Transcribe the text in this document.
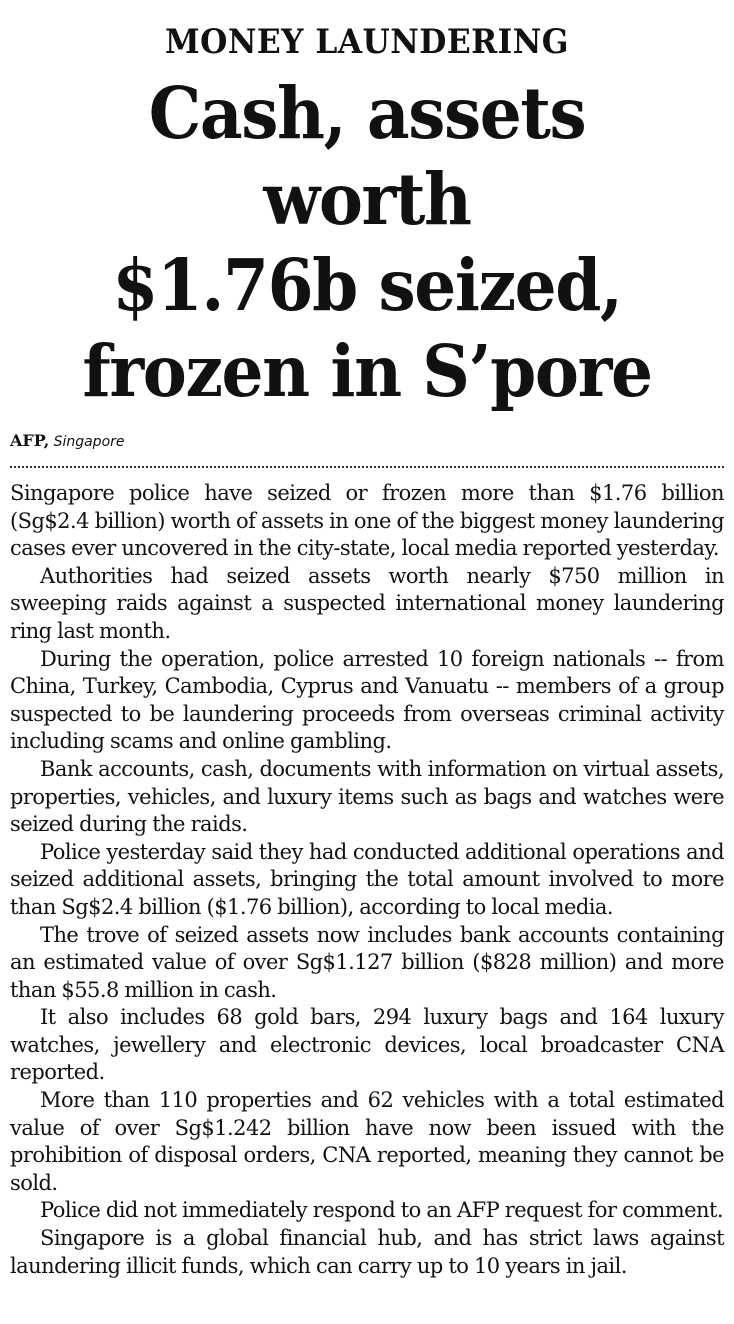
MONEY LAUNDERING
Cash, assets worth
$1.76b seized,
frozen in S’pore
AFP, Singapore

Singapore police have seized or frozen more than $1.76 billion (Sg$2.4 billion) worth of assets in one of the biggest money laundering cases ever uncovered in the city-state, local media reported yesterday.

Authorities had seized assets worth nearly $750 million in sweeping raids against a suspected international money laundering ring last month.

During the operation, police arrested 10 foreign nationals -- from China, Turkey, Cambodia, Cyprus and Vanuatu -- members of a group suspected to be laundering proceeds from overseas criminal activity including scams and online gambling.

Bank accounts, cash, documents with information on virtual assets, properties, vehicles, and luxury items such as bags and watches were seized during the raids.

Police yesterday said they had conducted additional operations and seized additional assets, bringing the total amount involved to more than Sg$2.4 billion ($1.76 billion), according to local media.

The trove of seized assets now includes bank accounts containing an estimated value of over Sg$1.127 billion ($828 million) and more than $55.8 million in cash.

It also includes 68 gold bars, 294 luxury bags and 164 luxury watches, jewellery and electronic devices, local broadcaster CNA reported.

More than 110 properties and 62 vehicles with a total estimated value of over Sg$1.242 billion have now been issued with the prohibition of disposal orders, CNA reported, meaning they cannot be sold.

Police did not immediately respond to an AFP request for comment.

Singapore is a global financial hub, and has strict laws against laundering illicit funds, which can carry up to 10 years in jail.
